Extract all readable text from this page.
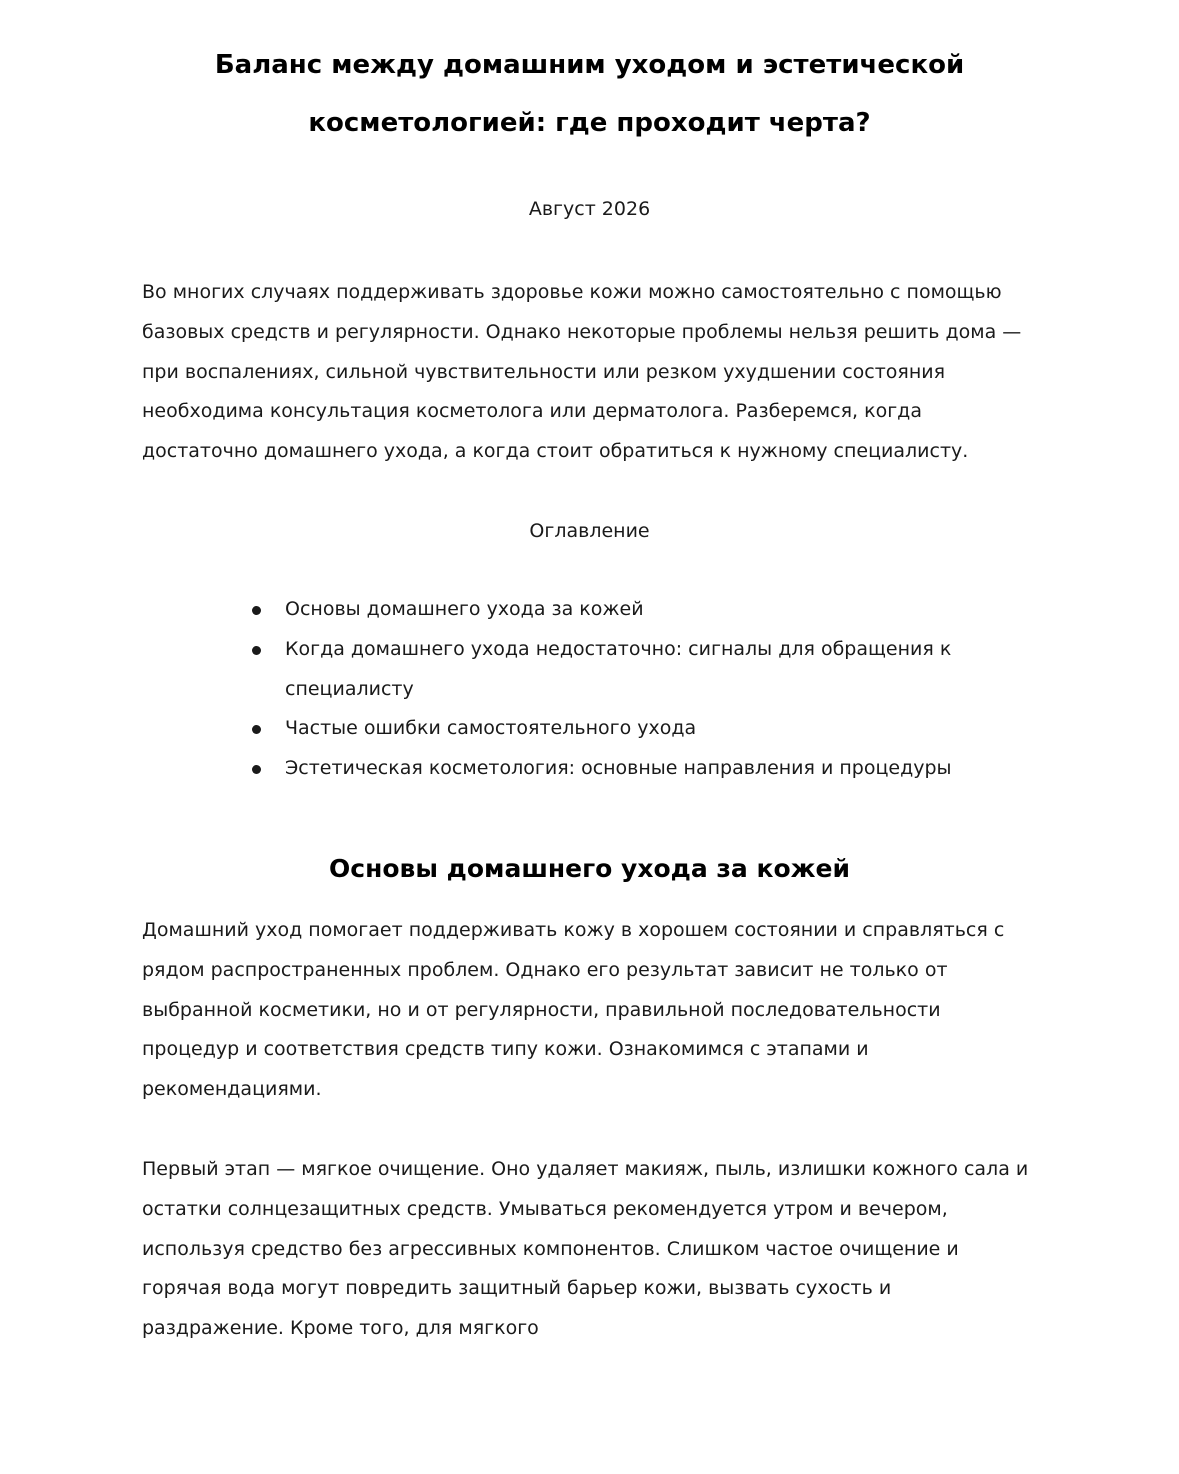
Баланс между домашним уходом и эстетической косметологией: где проходит черта?
Август 2026

Во многих случаях поддерживать здоровье кожи можно самостоятельно с помощью базовых средств и регулярности. Однако некоторые проблемы нельзя решить дома — при воспалениях, сильной чувствительности или резком ухудшении состояния необходима консультация косметолога или дерматолога. Разберемся, когда достаточно домашнего ухода, а когда стоит обратиться к нужному специалисту.

Оглавление
Основы домашнего ухода за кожей
Когда домашнего ухода недостаточно: сигналы для обращения к специалисту
Частые ошибки самостоятельного ухода
Эстетическая косметология: основные направления и процедуры
Основы домашнего ухода за кожей

Домашний уход помогает поддерживать кожу в хорошем состоянии и справляться с рядом распространенных проблем. Однако его результат зависит не только от выбранной косметики, но и от регулярности, правильной последовательности процедур и соответствия средств типу кожи. Ознакомимся с этапами и рекомендациями.

Первый этап — мягкое очищение. Оно удаляет макияж, пыль, излишки кожного сала и остатки солнцезащитных средств. Умываться рекомендуется утром и вечером, используя средство без агрессивных компонентов. Слишком частое очищение и горячая вода могут повредить защитный барьер кожи, вызвать сухость и раздражение. Кроме того, для мягкого
